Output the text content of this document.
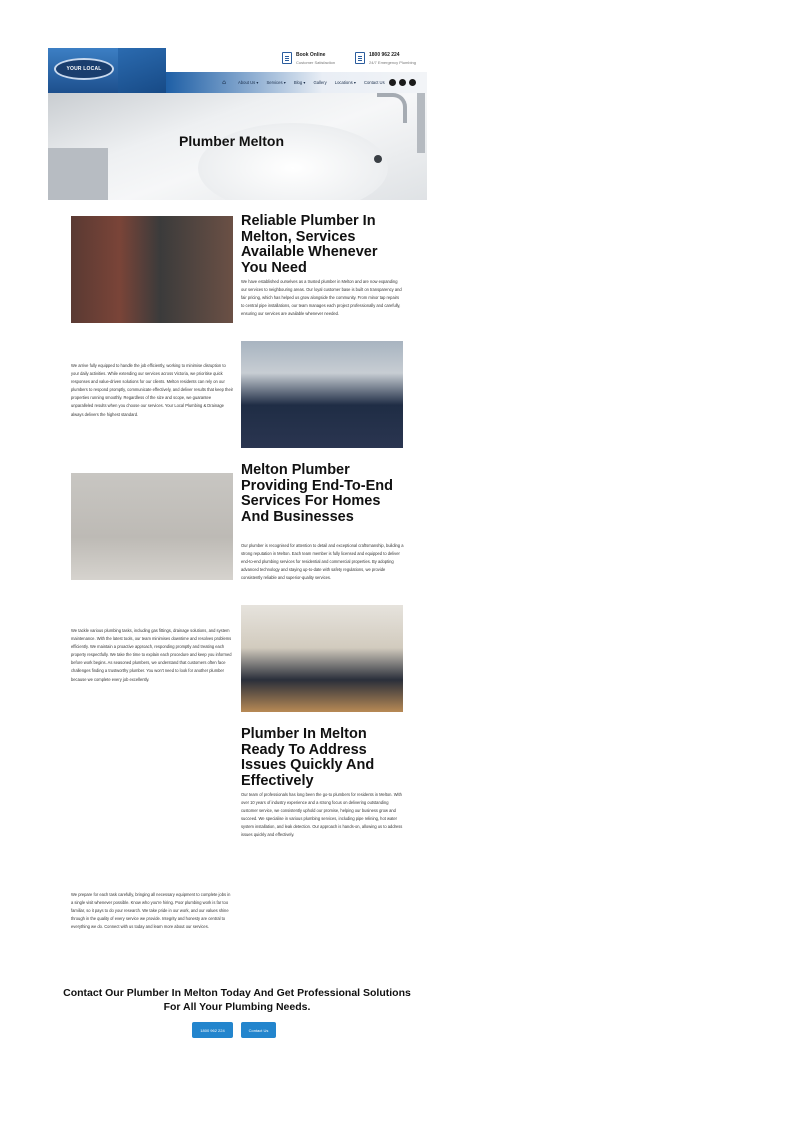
YOUR LOCAL
Book Online
Customer Satisfaction
1800 962 224
24/7 Emergency Plumbing
⌂	About Us ▾ Services ▾ Blog ▾ Gallery Locations ▾ Contact Us
Plumber Melton
Reliable Plumber In Melton, Services Available Whenever You Need
We have established ourselves as a trusted plumber in Melton and are now expanding our services to neighbouring areas. Our loyal customer base is built on transparency and fair pricing, which has helped us grow alongside the community. From minor tap repairs to central pipe installations, our team manages each project professionally and carefully, ensuring our services are available whenever needed.
We arrive fully equipped to handle the job efficiently, working to minimise disruption to your daily activities. While extending our services across Victoria, we prioritise quick responses and value-driven solutions for our clients. Melton residents can rely on our plumbers to respond promptly, communicate effectively, and deliver results that keep their properties running smoothly. Regardless of the size and scope, we guarantee unparalleled results when you choose our services. Your Local Plumbing & Drainage always delivers the highest standard.
Melton Plumber Providing End-To-End Services For Homes And Businesses
Our plumber is recognised for attention to detail and exceptional craftsmanship, building a strong reputation in Melton. Each team member is fully licensed and equipped to deliver end-to-end plumbing services for residential and commercial properties. By adopting advanced technology and staying up-to-date with safety regulations, we provide consistently reliable and superior-quality services.
We tackle various plumbing tasks, including gas fittings, drainage solutions, and system maintenance. With the latest tools, our team minimises downtime and resolves problems efficiently. We maintain a proactive approach, responding promptly and treating each property respectfully. We take the time to explain each procedure and keep you informed before work begins. As seasoned plumbers, we understand that customers often face challenges finding a trustworthy plumber. You won't need to look for another plumber because we complete every job excellently.
Plumber In Melton Ready To Address Issues Quickly And Effectively
Our team of professionals has long been the go-to plumbers for residents in Melton. With over 10 years of industry experience and a strong focus on delivering outstanding customer service, we consistently uphold our promise, helping our business grow and succeed. We specialise in various plumbing services, including pipe relining, hot water system installation, and leak detection. Our approach is hands-on, allowing us to address issues quickly and effectively.
We prepare for each task carefully, bringing all necessary equipment to complete jobs in a single visit whenever possible. Know who you're hiring. Poor plumbing work is far too familiar, so it pays to do your research. We take pride in our work, and our values shine through in the quality of every service we provide. Integrity and honesty are central to everything we do. Connect with us today and learn more about our services.
Contact Our Plumber In Melton Today And Get Professional Solutions For All Your Plumbing Needs.
1800 962 224	Contact Us
